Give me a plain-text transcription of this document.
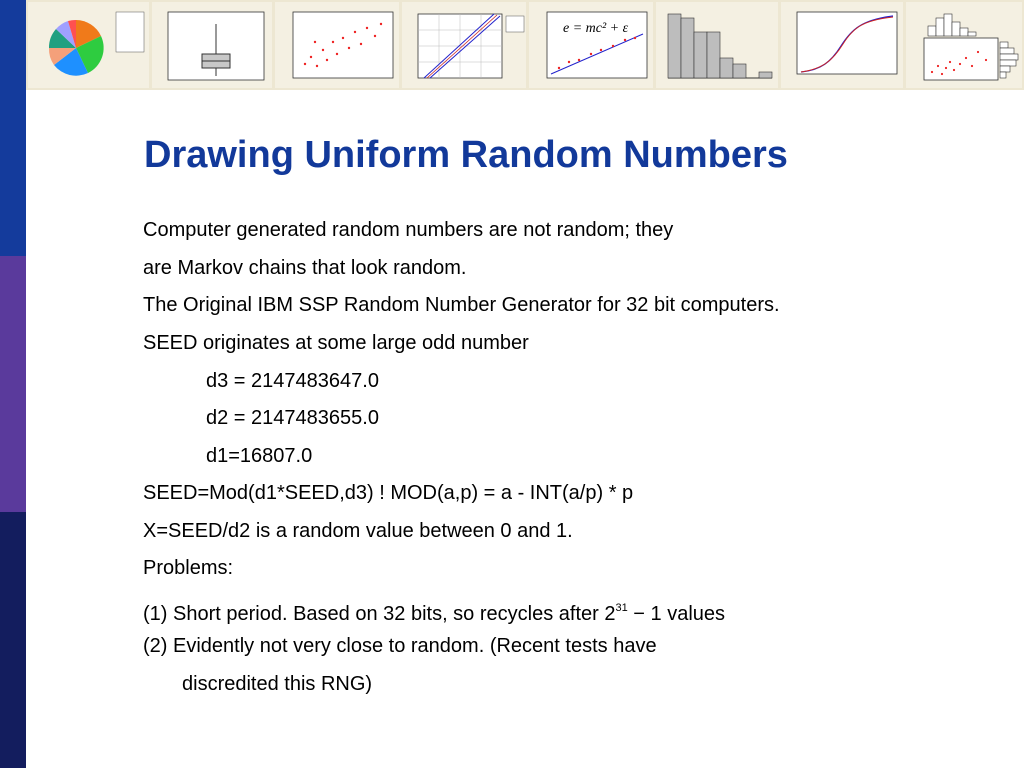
e = mc² + ε
Drawing Uniform Random Numbers
Computer generated random numbers are not random; they
are Markov chains that look random.
The Original IBM SSP Random Number Generator for 32 bit computers.
SEED originates at some large odd number
d3 = 2147483647.0
d2 = 2147483655.0
d1=16807.0
SEED=Mod(d1*SEED,d3) ! MOD(a,p) = a - INT(a/p) * p
X=SEED/d2 is a random value between 0 and 1.
Problems:
(1) Short period. Based on 32 bits, so recycles after $2^{31} - 1$ values
(2) Evidently not very close to random. (Recent tests have
discredited this RNG)
